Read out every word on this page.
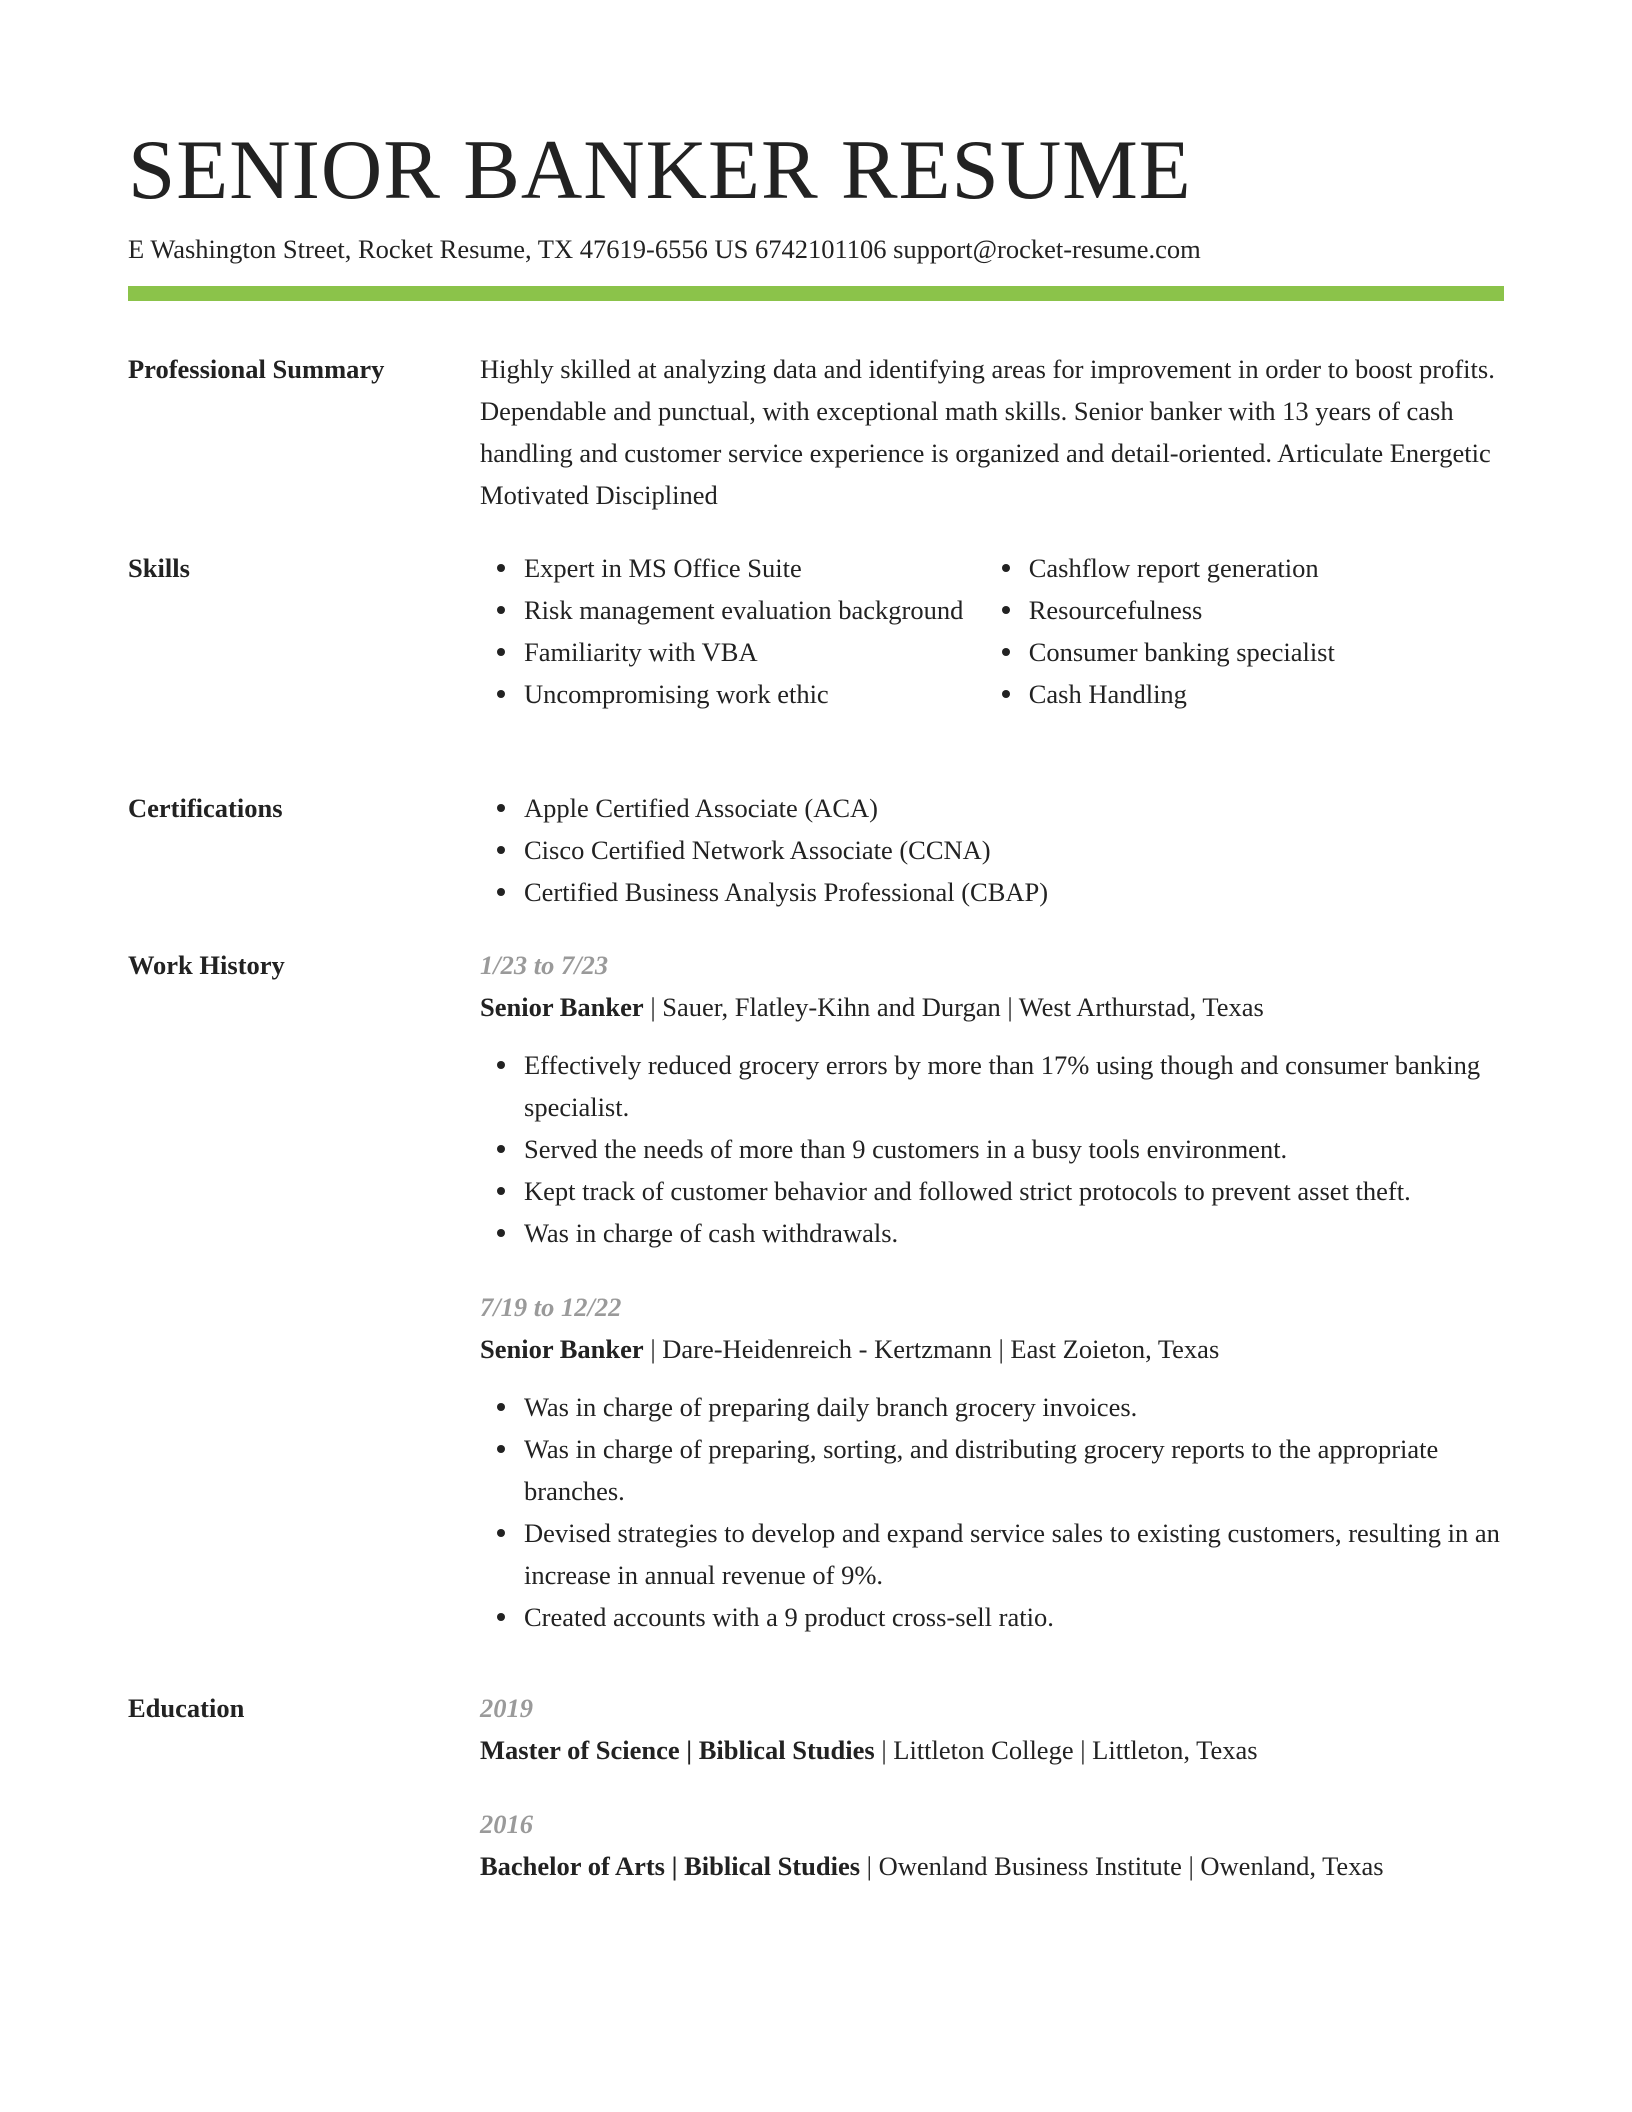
SENIOR BANKER RESUME
E Washington Street, Rocket Resume, TX 47619-6556 US 6742101106 support@rocket-resume.com
Professional Summary	Highly skilled at analyzing data and identifying areas for improvement in order to boost profits. Dependable and punctual, with exceptional math skills. Senior banker with 13 years of cash handling and customer service experience is organized and detail-oriented. Articulate Energetic Motivated Disciplined
Skills	Expert in MS Office Suite
Risk management evaluation background
Familiarity with VBA
Uncompromising work ethic
Cashflow report generation
Resourcefulness
Consumer banking specialist
Cash Handling
Certifications	Apple Certified Associate (ACA)
Cisco Certified Network Associate (CCNA)
Certified Business Analysis Professional (CBAP)
Work History	1/23 to 7/23
Senior Banker | Sauer, Flatley-Kihn and Durgan | West Arthurstad, Texas
Effectively reduced grocery errors by more than 17% using though and consumer banking specialist.
Served the needs of more than 9 customers in a busy tools environment.
Kept track of customer behavior and followed strict protocols to prevent asset theft.
Was in charge of cash withdrawals.
7/19 to 12/22
Senior Banker | Dare-Heidenreich - Kertzmann | East Zoieton, Texas
Was in charge of preparing daily branch grocery invoices.
Was in charge of preparing, sorting, and distributing grocery reports to the appropriate branches.
Devised strategies to develop and expand service sales to existing customers, resulting in an increase in annual revenue of 9%.
Created accounts with a 9 product cross-sell ratio.
Education	2019
Master of Science | Biblical Studies | Littleton College | Littleton, Texas
2016
Bachelor of Arts | Biblical Studies | Owenland Business Institute | Owenland, Texas
